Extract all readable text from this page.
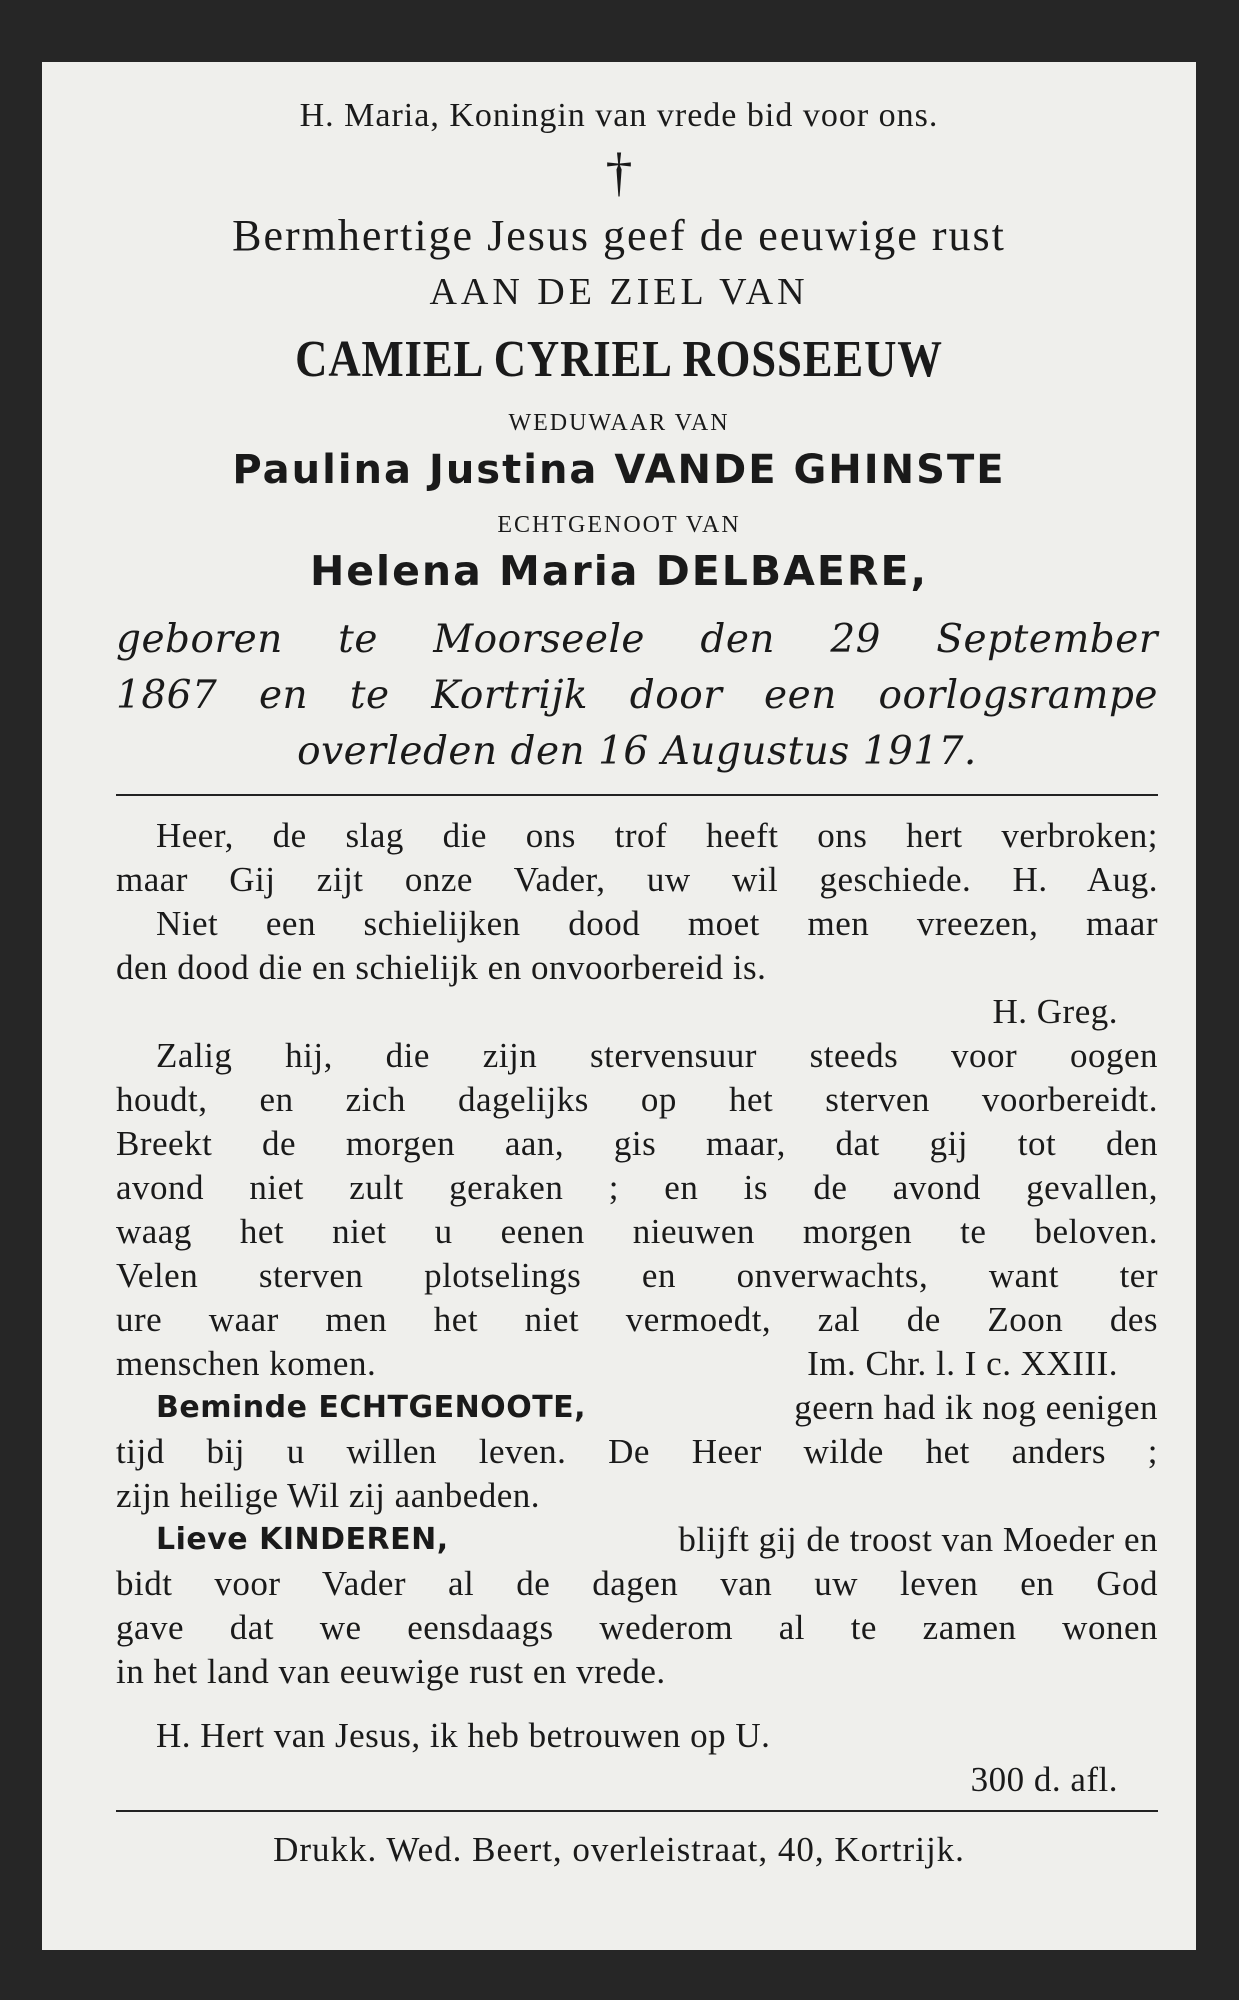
H. Maria, Koningin van vrede bid voor ons.
†
Bermhertige Jesus geef de eeuwige rust
AAN DE ZIEL VAN
CAMIEL CYRIEL ROSSEEUW
WEDUWAAR VAN
Paulina Justina VANDE GHINSTE
ECHTGENOOT VAN
Helena Maria DELBAERE,
geboren te Moorseele den 29 September
1867 en te Kortrijk door een oorlogsrampe
overleden den 16 Augustus 1917.
Heer, de slag die ons trof heeft ons hert verbroken;
maar Gij zijt onze Vader, uw wil geschiede. H. Aug.
Niet een schielijken dood moet men vreezen, maar
den dood die en schielijk en onvoorbereid is.
H. Greg.
Zalig hij, die zijn stervensuur steeds voor oogen
houdt, en zich dagelijks op het sterven voorbereidt.
Breekt de morgen aan, gis maar, dat gij tot den
avond niet zult geraken ; en is de avond gevallen,
waag het niet u eenen nieuwen morgen te beloven.
Velen sterven plotselings en onverwachts, want ter
ure waar men het niet vermoedt, zal de Zoon des
menschen komen.	Im. Chr. l. I c. XXIII.
Beminde ECHTGENOOTE,	geern had ik nog eenigen
tijd bij u willen leven. De Heer wilde het anders ;
zijn heilige Wil zij aanbeden.
Lieve KINDEREN,	blijft gij de troost van Moeder en
bidt voor Vader al de dagen van uw leven en God
gave dat we eensdaags wederom al te zamen wonen
in het land van eeuwige rust en vrede.
H. Hert van Jesus, ik heb betrouwen op U.
300 d. afl.
Drukk. Wed. Beert, overleistraat, 40, Kortrijk.
